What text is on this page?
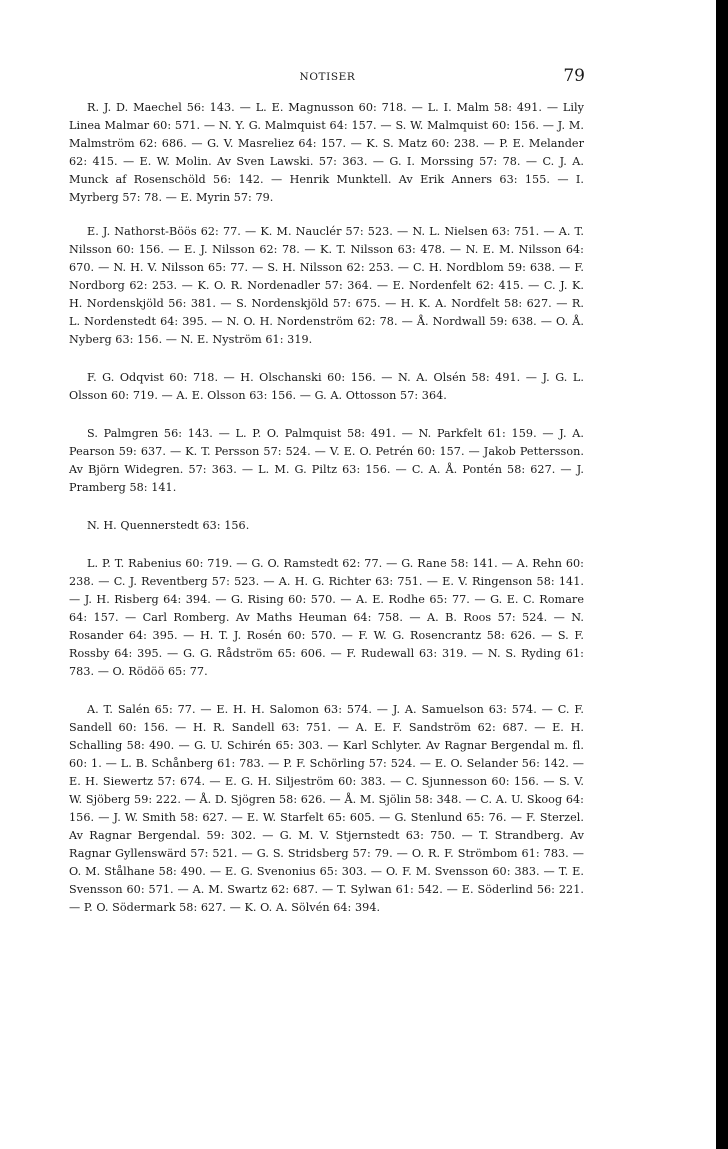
NOTISER	79

R. J. D. Maechel 56: 143. — L. E. Magnusson 60: 718. — L. I. Malm 58: 491. — Lily Linea Malmar 60: 571. — N. Y. G. Malmquist 64: 157. — S. W. Malmquist 60: 156. — J. M. Malmström 62: 686. — G. V. Masreliez 64: 157. — K. S. Matz 60: 238. — P. E. Melander 62: 415. — E. W. Molin. Av Sven Lawski. 57: 363. — G. I. Morssing 57: 78. — C. J. A. Munck af Rosenschöld 56: 142. — Henrik Munktell. Av Erik Anners 63: 155. — I. Myrberg 57: 78. — E. Myrin 57: 79.

E. J. Nathorst-Böös 62: 77. — K. M. Nauclér 57: 523. — N. L. Nielsen 63: 751. — A. T. Nilsson 60: 156. — E. J. Nilsson 62: 78. — K. T. Nilsson 63: 478. — N. E. M. Nilsson 64: 670. — N. H. V. Nilsson 65: 77. — S. H. Nilsson 62: 253. — C. H. Nordblom 59: 638. — F. Nordborg 62: 253. — K. O. R. Nordenadler 57: 364. — E. Nordenfelt 62: 415. — C. J. K. H. Nordenskjöld 56: 381. — S. Nordenskjöld 57: 675. — H. K. A. Nordfelt 58: 627. — R. L. Nordenstedt 64: 395. — N. O. H. Nordenström 62: 78. — Å. Nordwall 59: 638. — O. Å. Nyberg 63: 156. — N. E. Nyström 61: 319.

F. G. Odqvist 60: 718. — H. Olschanski 60: 156. — N. A. Olsén 58: 491. — J. G. L. Olsson 60: 719. — A. E. Olsson 63: 156. — G. A. Ottosson 57: 364.

S. Palmgren 56: 143. — L. P. O. Palmquist 58: 491. — N. Parkfelt 61: 159. — J. A. Pearson 59: 637. — K. T. Persson 57: 524. — V. E. O. Petrén 60: 157. — Jakob Pettersson. Av Björn Widegren. 57: 363. — L. M. G. Piltz 63: 156. — C. A. Å. Pontén 58: 627. — J. Pramberg 58: 141.

N. H. Quennerstedt 63: 156.

L. P. T. Rabenius 60: 719. — G. O. Ramstedt 62: 77. — G. Rane 58: 141. — A. Rehn 60: 238. — C. J. Reventberg 57: 523. — A. H. G. Richter 63: 751. — E. V. Ringenson 58: 141. — J. H. Risberg 64: 394. — G. Rising 60: 570. — A. E. Rodhe 65: 77. — G. E. C. Romare 64: 157. — Carl Romberg. Av Maths Heuman 64: 758. — A. B. Roos 57: 524. — N. Rosander 64: 395. — H. T. J. Rosén 60: 570. — F. W. G. Rosencrantz 58: 626. — S. F. Rossby 64: 395. — G. G. Rådström 65: 606. — F. Rudewall 63: 319. — N. S. Ryding 61: 783. — O. Rödöö 65: 77.

A. T. Salén 65: 77. — E. H. H. Salomon 63: 574. — J. A. Samuelson 63: 574. — C. F. Sandell 60: 156. — H. R. Sandell 63: 751. — A. E. F. Sandström 62: 687. — E. H. Schalling 58: 490. — G. U. Schirén 65: 303. — Karl Schlyter. Av Ragnar Bergendal m. fl. 60: 1. — L. B. Schånberg 61: 783. — P. F. Schörling 57: 524. — E. O. Selander 56: 142. — E. H. Siewertz 57: 674. — E. G. H. Siljeström 60: 383. — C. Sjunnesson 60: 156. — S. V. W. Sjöberg 59: 222. — Å. D. Sjögren 58: 626. — Å. M. Sjölin 58: 348. — C. A. U. Skoog 64: 156. — J. W. Smith 58: 627. — E. W. Starfelt 65: 605. — G. Stenlund 65: 76. — F. Sterzel. Av Ragnar Bergendal. 59: 302. — G. M. V. Stjernstedt 63: 750. — T. Strandberg. Av Ragnar Gyllenswärd 57: 521. — G. S. Stridsberg 57: 79. — O. R. F. Strömbom 61: 783. — O. M. Stålhane 58: 490. — E. G. Svenonius 65: 303. — O. F. M. Svensson 60: 383. — T. E. Svensson 60: 571. — A. M. Swartz 62: 687. — T. Sylwan 61: 542. — E. Söderlind 56: 221. — P. O. Södermark 58: 627. — K. O. A. Sölvén 64: 394.
